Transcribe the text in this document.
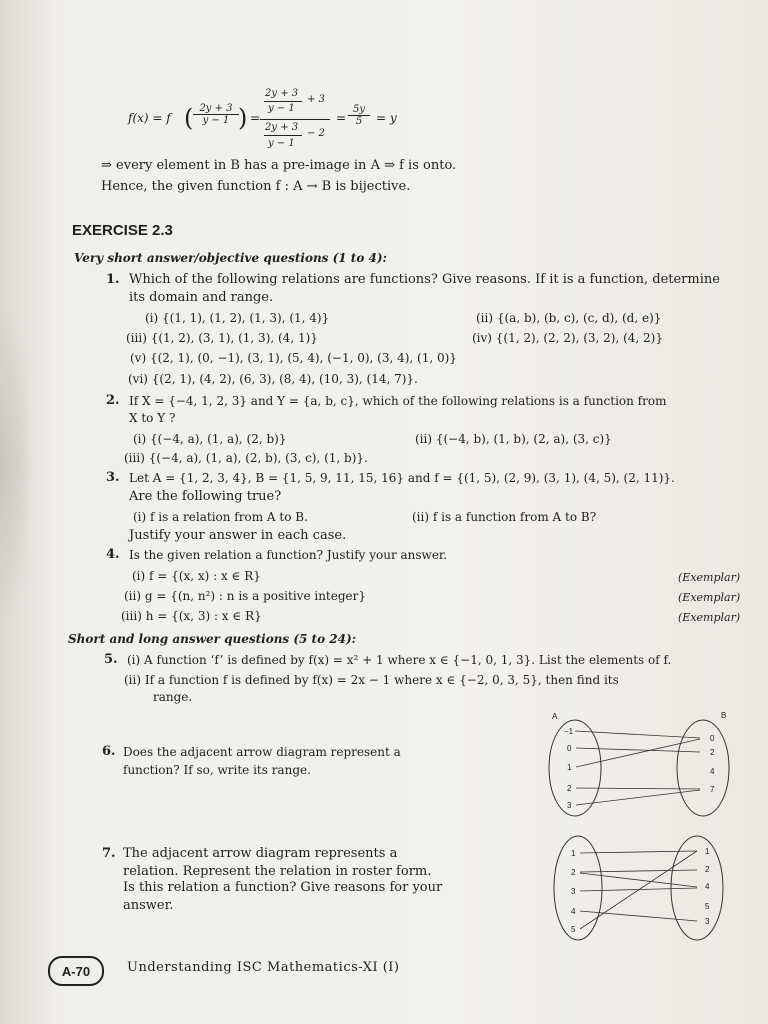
f(x) = f ( $\frac{2y + 3}{y - 1}$ ) =
2y + 3
+ 3
y − 1
2y + 3
− 2
y − 1
= $\frac{5y}{5} = y$
⇒ every element in B has a pre-image in A ⇒ f is onto.
Hence, the given function f : A → B is bijective.
EXERCISE 2.3
Very short answer/objective questions (1 to 4):
1. Which of the following relations are functions? Give reasons. If it is a function, determine
its domain and range.
(i) {(1, 1), (1, 2), (1, 3), (1, 4)}	(ii) {(a, b), (b, c), (c, d), (d, e)}
(iii) {(1, 2), (3, 1), (1, 3), (4, 1)}	(iv) {(1, 2), (2, 2), (3, 2), (4, 2)}
(v) {(2, 1), (0, −1), (3, 1), (5, 4), (−1, 0), (3, 4), (1, 0)}
(vi) {(2, 1), (4, 2), (6, 3), (8, 4), (10, 3), (14, 7)}.
2. If X = {−4, 1, 2, 3} and Y = {a, b, c}, which of the following relations is a function from
X to Y ?
(i) {(−4, a), (1, a), (2, b)}	(ii) {(−4, b), (1, b), (2, a), (3, c)}
(iii) {(−4, a), (1, a), (2, b), (3, c), (1, b)}.
3. Let A = {1, 2, 3, 4}, B = {1, 5, 9, 11, 15, 16} and f = {(1, 5), (2, 9), (3, 1), (4, 5), (2, 11)}.
Are the following true?
(i) f is a relation from A to B.	(ii) f is a function from A to B?
Justify your answer in each case.
4. Is the given relation a function? Justify your answer.
(i) f = {(x, x) : x ∈ R}
(ii) g = {(n, n²) : n is a positive integer}
(iii) h = {(x, 3) : x ∈ R}
(Exemplar)
(Exemplar)
(Exemplar)
Short and long answer questions (5 to 24):
5. (i) A function ‘f’ is defined by f(x) = x² + 1 where x ∈ {−1, 0, 1, 3}. List the elements of f.
(ii) If a function f is defined by f(x) = 2x − 1 where x ∈ {−2, 0, 3, 5}, then find its
range.
6. Does the adjacent arrow diagram represent a
function? If so, write its range.
A	B
−1
0
1
2
3
0
2
4
7
7. The adjacent arrow diagram represents a
relation. Represent the relation in roster form.
Is this relation a function? Give reasons for your
answer.
1
2
3
4
5
1
2
4
5
3
A-70	Understanding ISC Mathematics-XI (I)
